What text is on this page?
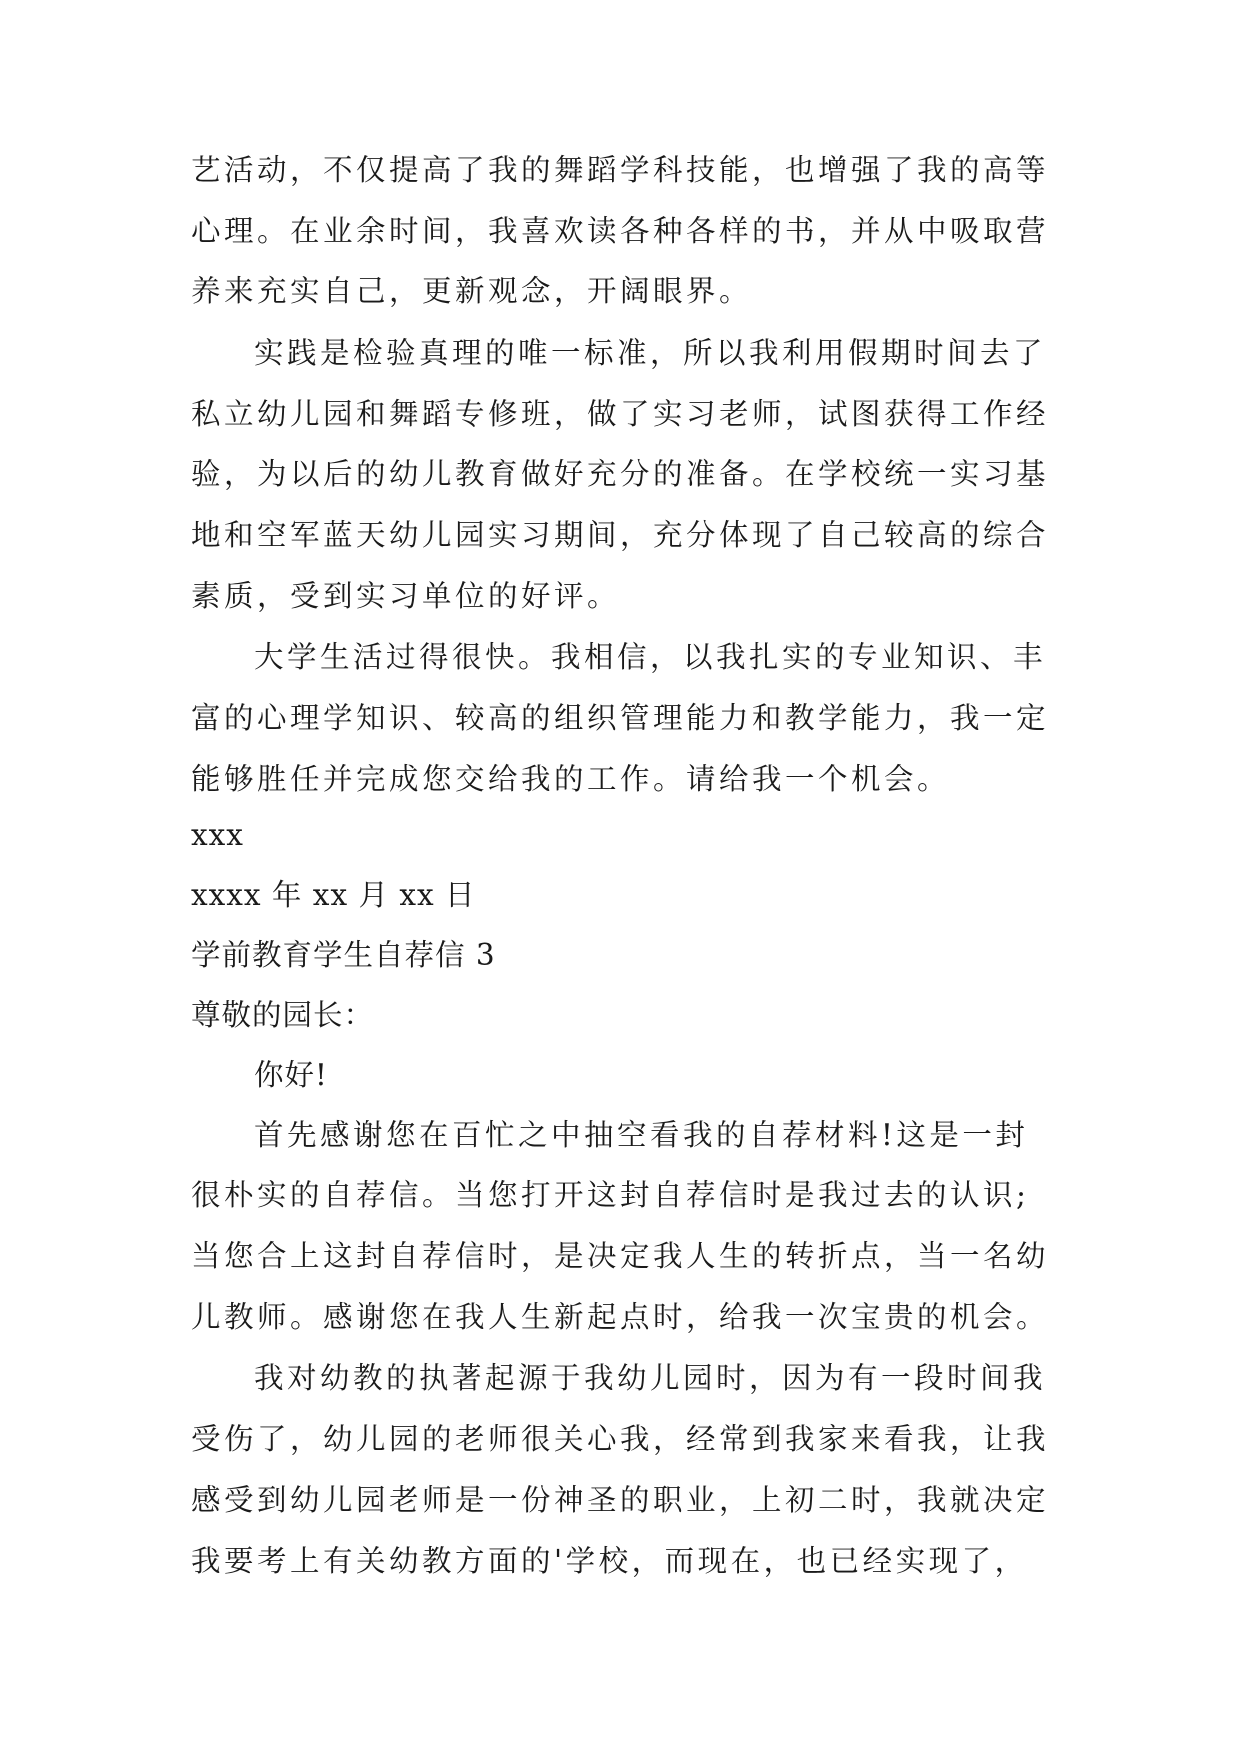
艺活动，不仅提高了我的舞蹈学科技能，也增强了我的高等
心理。在业余时间，我喜欢读各种各样的书，并从中吸取营
养来充实自己，更新观念，开阔眼界。
实践是检验真理的唯一标准，所以我利用假期时间去了
私立幼儿园和舞蹈专修班，做了实习老师，试图获得工作经
验，为以后的幼儿教育做好充分的准备。在学校统一实习基
地和空军蓝天幼儿园实习期间，充分体现了自己较高的综合
素质，受到实习单位的好评。
大学生活过得很快。我相信，以我扎实的专业知识、丰
富的心理学知识、较高的组织管理能力和教学能力，我一定
能够胜任并完成您交给我的工作。请给我一个机会。
xxx
xxxx 年 xx 月 xx 日
学前教育学生自荐信 3
尊敬的园长：
你好!
首先感谢您在百忙之中抽空看我的自荐材料!这是一封
很朴实的自荐信。当您打开这封自荐信时是我过去的认识;
当您合上这封自荐信时，是决定我人生的转折点，当一名幼
儿教师。感谢您在我人生新起点时，给我一次宝贵的机会。
我对幼教的执著起源于我幼儿园时，因为有一段时间我
受伤了，幼儿园的老师很关心我，经常到我家来看我，让我
感受到幼儿园老师是一份神圣的职业，上初二时，我就决定
我要考上有关幼教方面的'学校，而现在，也已经实现了，
